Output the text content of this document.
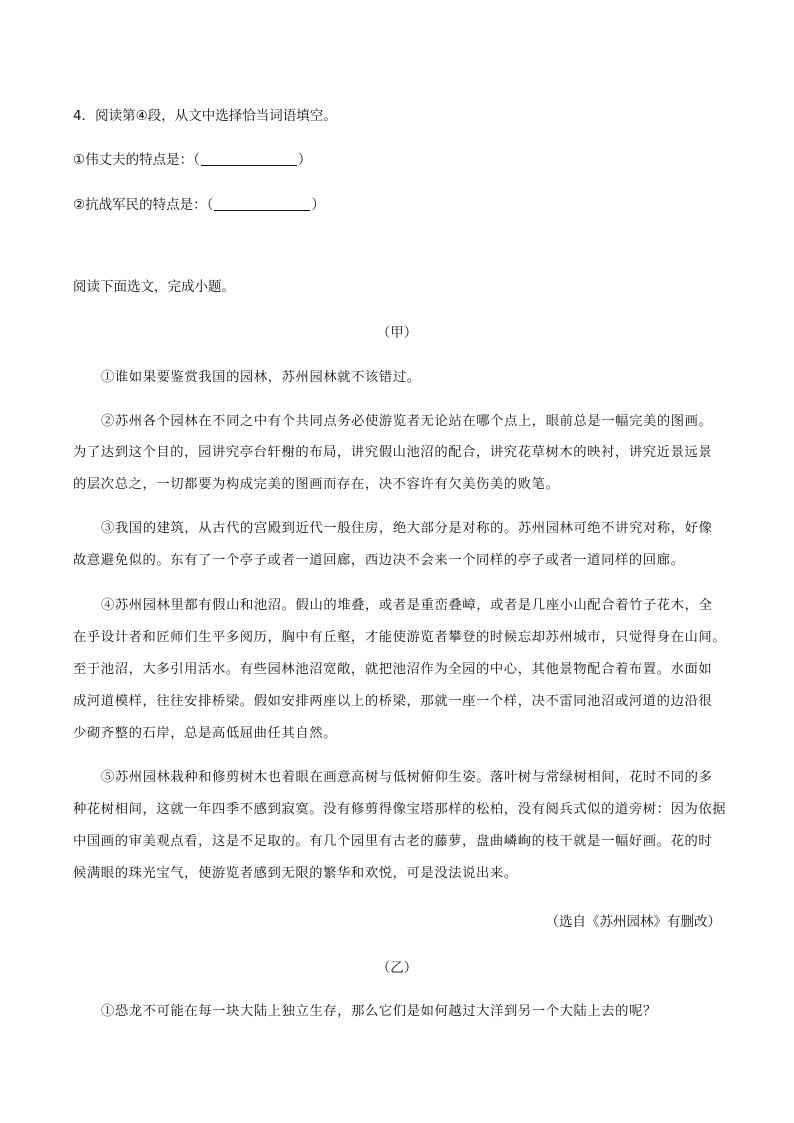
4．阅读第④段，从文中选择恰当词语填空。
①伟丈夫的特点是：（	）
②抗战军民的特点是：（	）
阅读下面选文，完成小题。
（甲）
①谁如果要鉴赏我国的园林，苏州园林就不该错过。
②苏州各个园林在不同之中有个共同点务必使游览者无论站在哪个点上，眼前总是一幅完美的图画。
为了达到这个目的，园讲究亭台轩榭的布局，讲究假山池沼的配合，讲究花草树木的映衬，讲究近景远景
的层次总之，一切都要为构成完美的图画而存在，决不容许有欠美伤美的败笔。
③我国的建筑，从古代的宫殿到近代一般住房，绝大部分是对称的。苏州园林可绝不讲究对称，好像
故意避免似的。东有了一个亭子或者一道回廊，西边决不会来一个同样的亭子或者一道同样的回廊。
④苏州园林里都有假山和池沼。假山的堆叠，或者是重峦叠嶂，或者是几座小山配合着竹子花木，全
在乎设计者和匠师们生平多阅历，胸中有丘壑，才能使游览者攀登的时候忘却苏州城市，只觉得身在山间。
至于池沼，大多引用活水。有些园林池沼宽敞，就把池沼作为全园的中心，其他景物配合着布置。水面如
成河道模样，往往安排桥梁。假如安排两座以上的桥梁，那就一座一个样，决不雷同池沼或河道的边沿很
少砌齐整的石岸，总是高低屈曲任其自然。
⑤苏州园林栽种和修剪树木也着眼在画意高树与低树俯仰生姿。落叶树与常绿树相间，花时不同的多
种花树相间，这就一年四季不感到寂寞。没有修剪得像宝塔那样的松柏，没有阅兵式似的道旁树：因为依据
中国画的审美观点看，这是不足取的。有几个园里有古老的藤萝，盘曲嶙峋的枝干就是一幅好画。花的时
候满眼的珠光宝气，使游览者感到无限的繁华和欢悦，可是没法说出来。
（选自《苏州园林》有删改）
（乙）
①恐龙不可能在每一块大陆上独立生存，那么它们是如何越过大洋到另一个大陆上去的呢？
